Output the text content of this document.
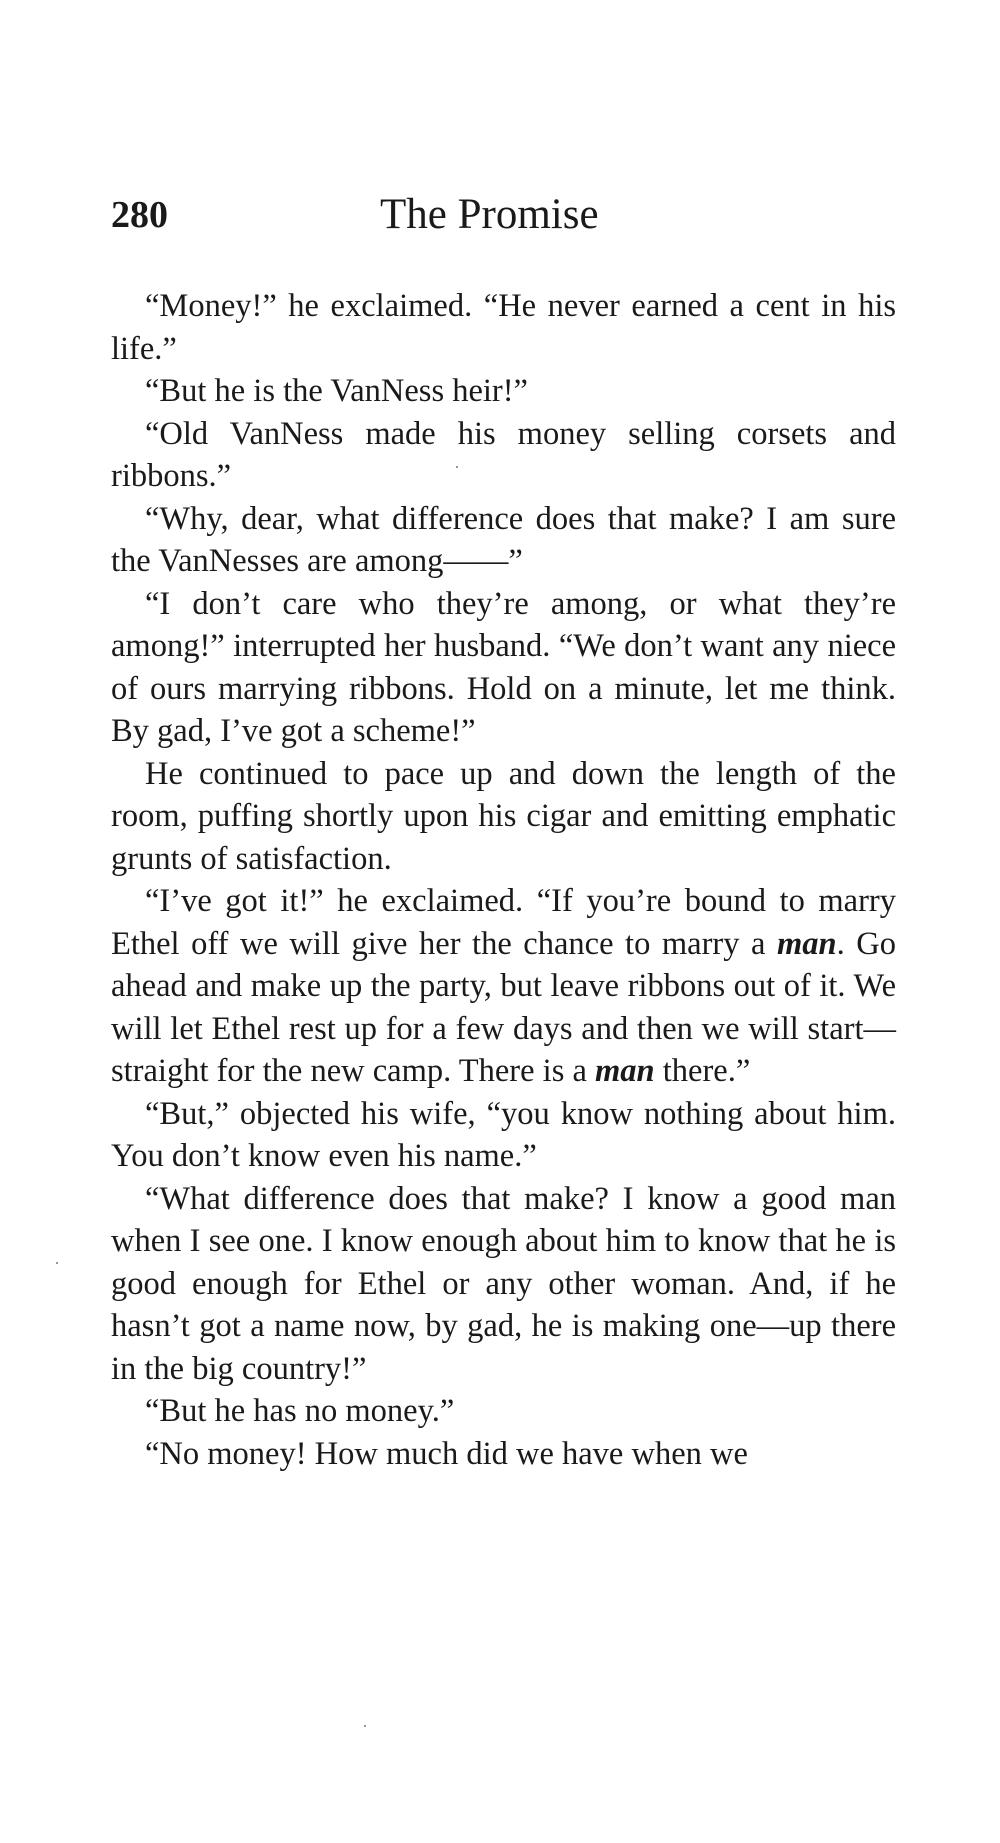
280	The Promise

“Money!” he exclaimed. “He never earned a cent in his life.”

“But he is the VanNess heir!”

“Old VanNess made his money selling corsets and ribbons.”

“Why, dear, what difference does that make? I am sure the VanNesses are among——”

“I don’t care who they’re among, or what they’re among!” interrupted her husband. “We don’t want any niece of ours marrying ribbons. Hold on a minute, let me think. By gad, I’ve got a scheme!”

He continued to pace up and down the length of the room, puffing shortly upon his cigar and emitting emphatic grunts of satisfaction.

“I’ve got it!” he exclaimed. “If you’re bound to marry Ethel off we will give her the chance to marry a man. Go ahead and make up the party, but leave ribbons out of it. We will let Ethel rest up for a few days and then we will start—straight for the new camp. There is a man there.”

“But,” objected his wife, “you know nothing about him. You don’t know even his name.”

“What difference does that make? I know a good man when I see one. I know enough about him to know that he is good enough for Ethel or any other woman. And, if he hasn’t got a name now, by gad, he is making one—up there in the big country!”

“But he has no money.”

“No money! How much did we have when we
